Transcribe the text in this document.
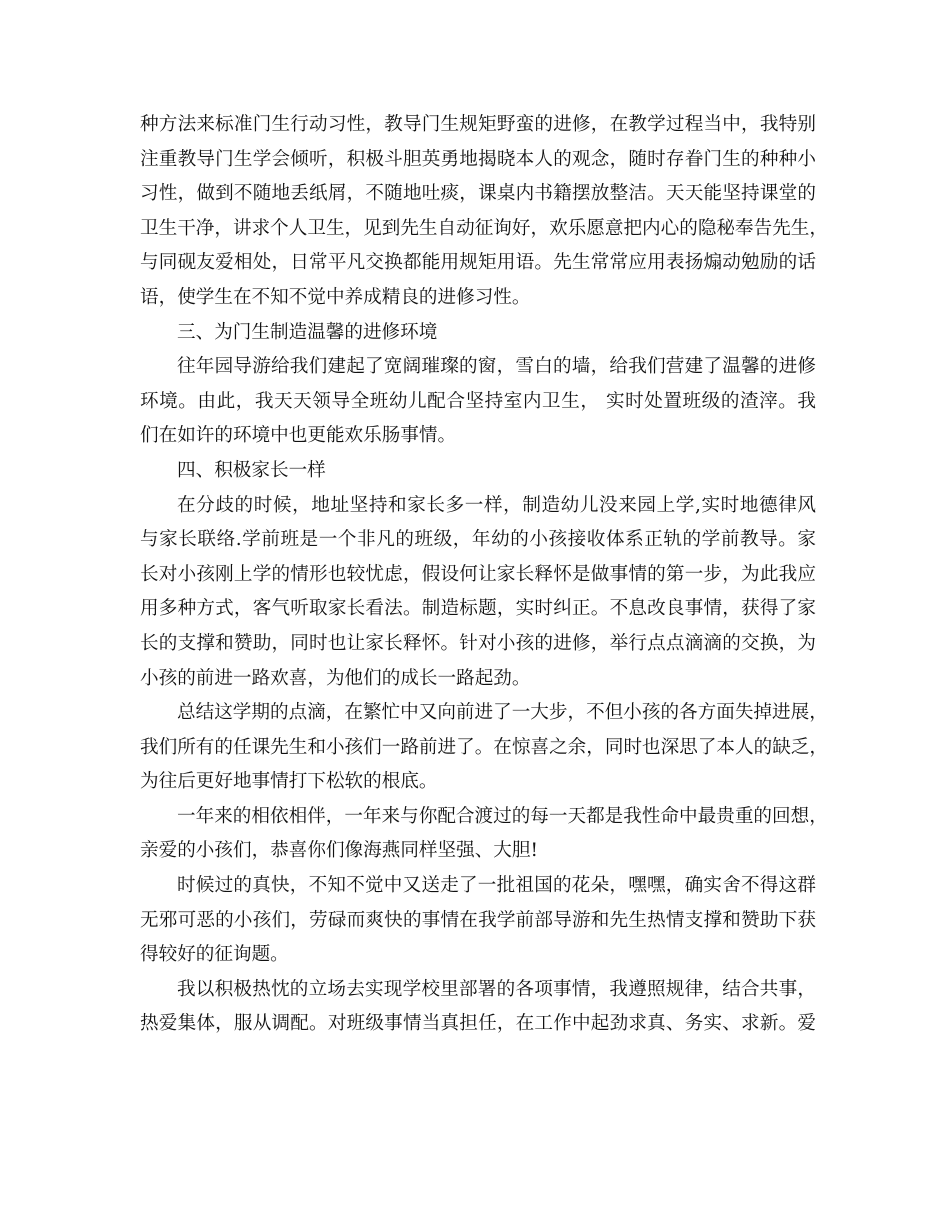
种方法来标准门生行动习性，教导门生规矩野蛮的进修，在教学过程当中，我特别
注重教导门生学会倾听，积极斗胆英勇地揭晓本人的观念，随时存眷门生的种种小
习性，做到不随地丢纸屑，不随地吐痰，课桌内书籍摆放整洁。天天能坚持课堂的
卫生干净，讲求个人卫生，见到先生自动征询好，欢乐愿意把内心的隐秘奉告先生，
与同砚友爱相处，日常平凡交换都能用规矩用语。先生常常应用表扬煽动勉励的话
语，使学生在不知不觉中养成精良的进修习性。
三、为门生制造温馨的进修环境
往年园导游给我们建起了宽阔璀璨的窗，雪白的墙，给我们营建了温馨的进修
环境。由此，我天天领导全班幼儿配合坚持室内卫生， 实时处置班级的渣滓。我
们在如许的环境中也更能欢乐肠事情。
四、积极家长一样
在分歧的时候，地址坚持和家长多一样，制造幼儿没来园上学,实时地德律风
与家长联络.学前班是一个非凡的班级，年幼的小孩接收体系正轨的学前教导。家
长对小孩刚上学的情形也较忧虑，假设何让家长释怀是做事情的第一步，为此我应
用多种方式，客气听取家长看法。制造标题，实时纠正。不息改良事情，获得了家
长的支撑和赞助，同时也让家长释怀。针对小孩的进修，举行点点滴滴的交换，为
小孩的前进一路欢喜，为他们的成长一路起劲。
总结这学期的点滴，在繁忙中又向前进了一大步，不但小孩的各方面失掉进展，
我们所有的任课先生和小孩们一路前进了。在惊喜之余，同时也深思了本人的缺乏，
为往后更好地事情打下松软的根底。
一年来的相依相伴，一年来与你配合渡过的每一天都是我性命中最贵重的回想，
亲爱的小孩们，恭喜你们像海燕同样坚强、大胆!
时候过的真快，不知不觉中又送走了一批祖国的花朵，嘿嘿，确实舍不得这群
无邪可恶的小孩们，劳碌而爽快的事情在我学前部导游和先生热情支撑和赞助下获
得较好的征询题。
我以积极热忱的立场去实现学校里部署的各项事情，我遵照规律，结合共事，
热爱集体，服从调配。对班级事情当真担任，在工作中起劲求真、务实、求新。爱
